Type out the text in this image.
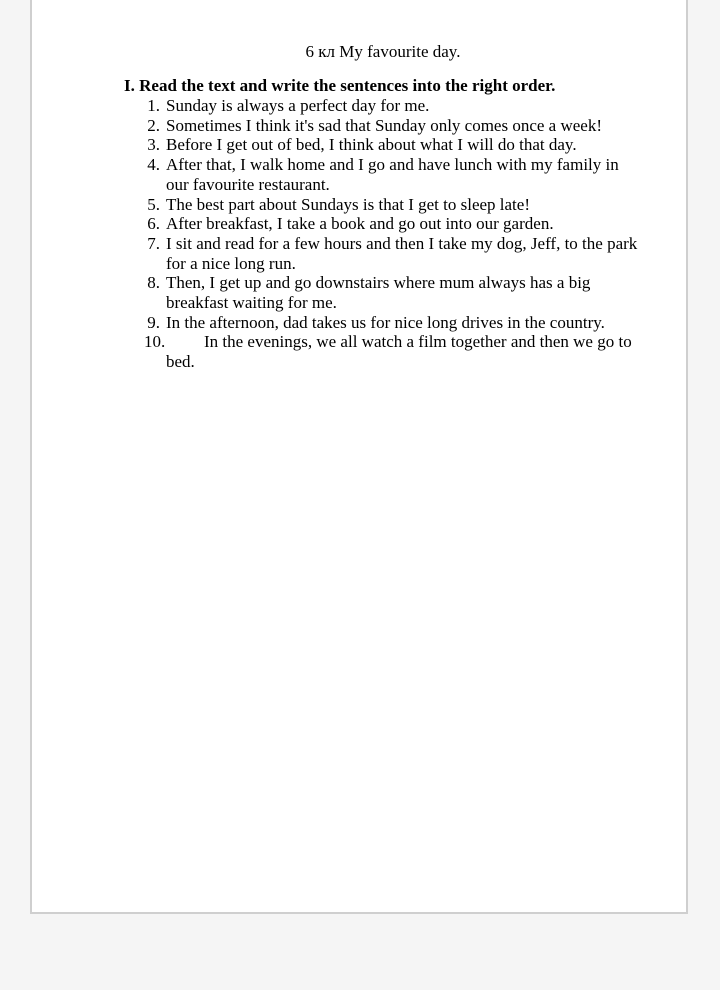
6 кл My favourite day.

I. Read the text and write the sentences into the right order.

1. Sunday is always a perfect day for me.
2. Sometimes I think it's sad that Sunday only comes once a week!
3. Before I get out of bed, I think about what I will do that day.
4. After that, I walk home and I go and have lunch with my family in our favourite restaurant.
5. The best part about Sundays is that I get to sleep late!
6. After breakfast, I take a book and go out into our garden.
7. I sit and read for a few hours and then I take my dog, Jeff, to the park for a nice long run.
8. Then, I get up and go downstairs where mum always has a big breakfast waiting for me.
9. In the afternoon, dad takes us for nice long drives in the country.
10. In the evenings, we all watch a film together and then we go to bed.
